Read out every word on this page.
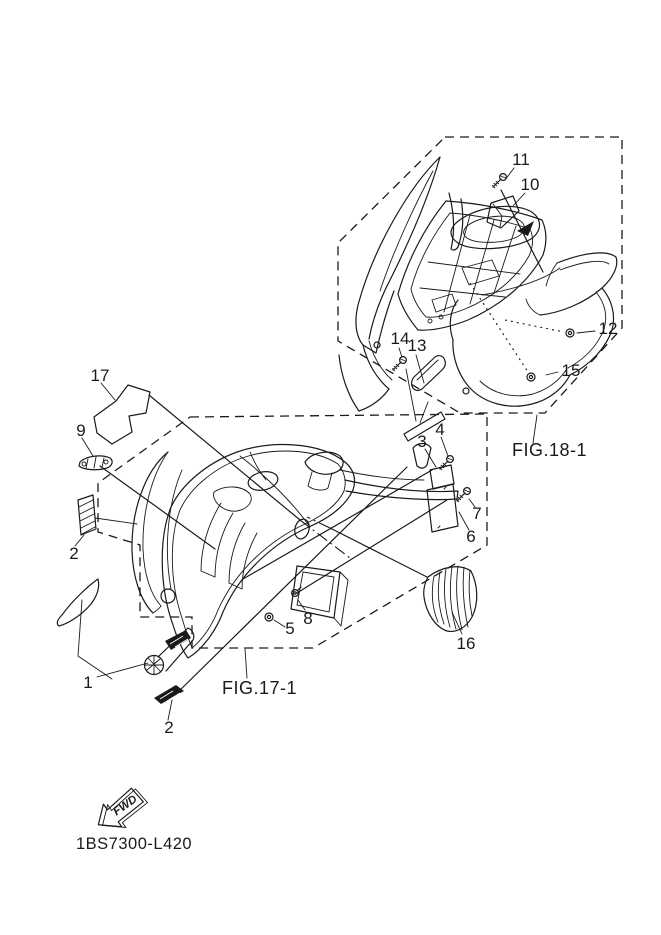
11
10
12
15
13
14
FIG.18-1
1
2
2
3
4
5
6
7
8
9
16
17
FIG.17-1
FWD
1BS7300-L420
